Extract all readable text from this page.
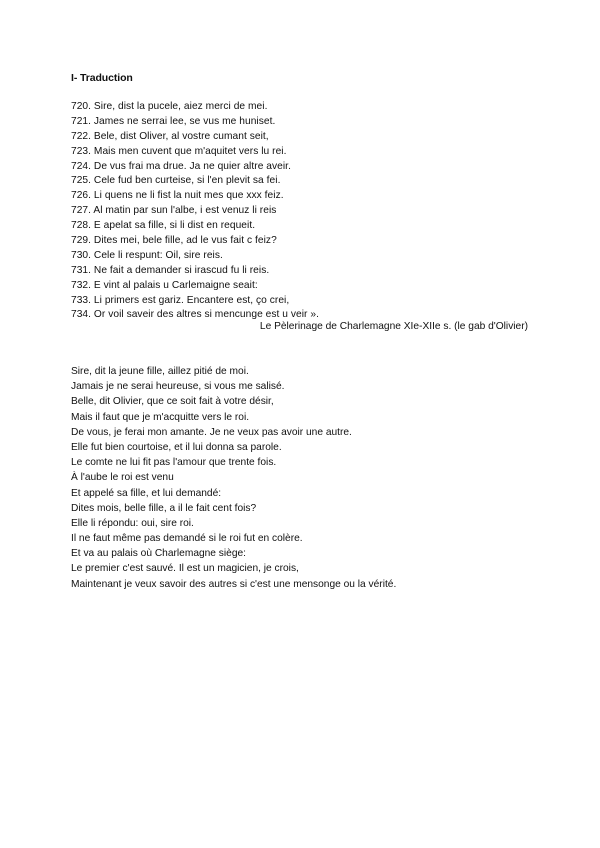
I- Traduction
720. Sire, dist la pucele, aiez merci de mei.
721. James ne serrai lee, se vus me huniset.
722. Bele, dist Oliver, al vostre cumant seit,
723. Mais men cuvent que m'aquitet vers lu rei.
724. De vus frai ma drue. Ja ne quier altre aveir.
725. Cele fud ben curteise, si l'en plevit sa fei.
726. Li quens ne li fist la nuit mes que xxx feiz.
727. Al matin par sun l'albe, i est venuz li reis
728. E apelat sa fille, si li dist en requeit.
729. Dites mei, bele fille, ad le vus fait c feiz?
730. Cele li respunt: Oil, sire reis.
731. Ne fait a demander si irascud fu li reis.
732. E vint al palais u Carlemaigne seait:
733. Li primers est gariz. Encantere est, ço crei,
734. Or voil saveir des altres si mencunge est u veir ».
Le Pèlerinage de Charlemagne XIe-XIIe s. (le gab d'Olivier)
Sire, dit la jeune fille, aillez pitié de moi.
Jamais je ne serai heureuse, si vous me salisé.
Belle, dit Olivier, que ce soit fait à votre désir,
Mais il faut que je m'acquitte vers le roi.
De vous, je ferai mon amante. Je ne veux pas avoir une autre.
Elle fut bien courtoise, et il lui donna sa parole.
Le comte ne lui fit pas l'amour que trente fois.
À l'aube le roi est venu
Et appelé sa fille, et lui demandé:
Dites mois, belle fille, a il le fait cent fois?
Elle li répondu: oui, sire roi.
Il ne faut même pas demandé si le roi fut en colère.
Et va au palais où Charlemagne siège:
Le premier c'est sauvé. Il est un magicien, je crois,
Maintenant je veux savoir des autres si c'est une mensonge ou la vérité.
